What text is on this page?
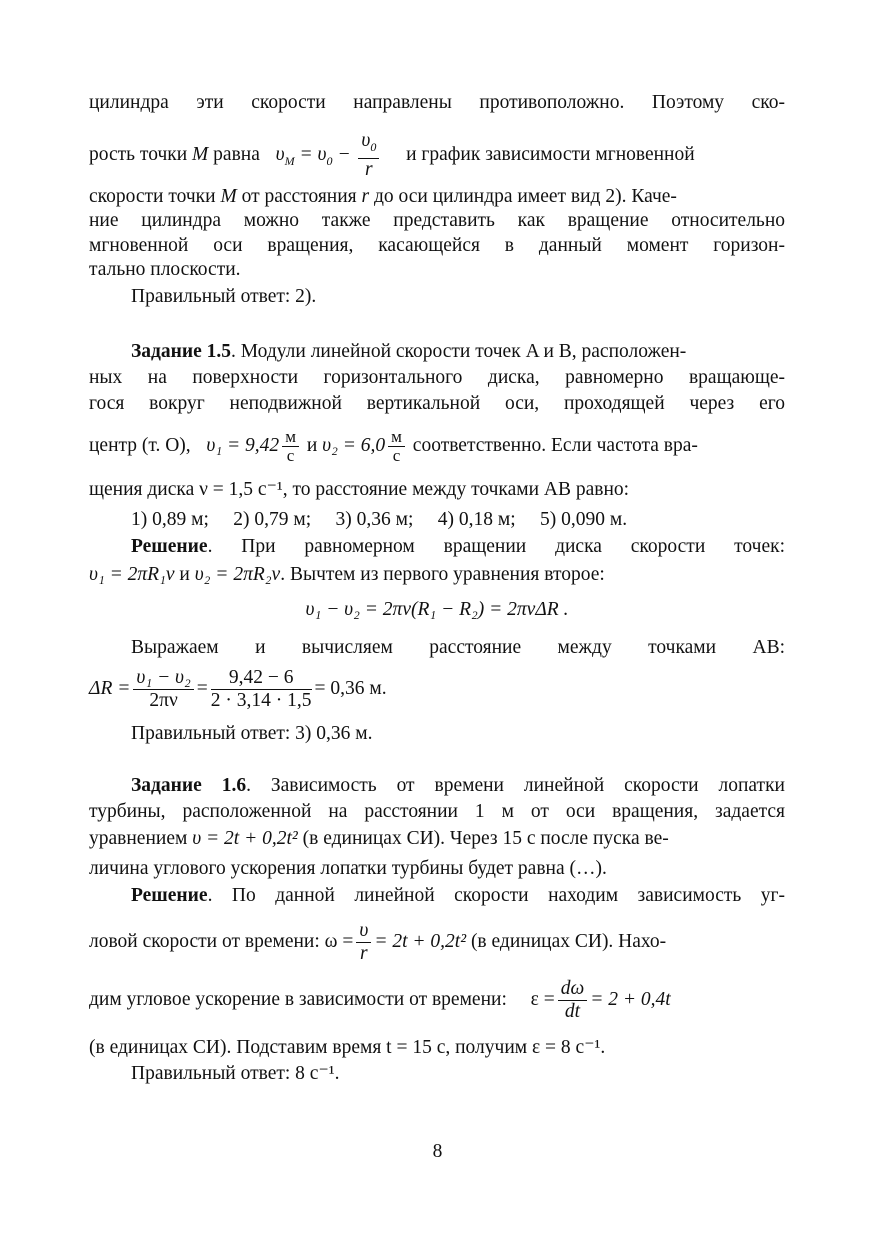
цилиндра эти скорости направлены противоположно. Поэтому ско-
рость точки M равна  $\upsilon_M = \upsilon_0 - \frac{\upsilon_0}{r}$ и график зависимости мгновенной
скорости точки M от расстояния r до оси цилиндра имеет вид 2). Каче-
ние цилиндра можно также представить как вращение относительно
мгновенной оси вращения, касающейся в данный момент горизон-
тально плоскости.
Правильный ответ: 2).
Задание 1.5. Модули линейной скорости точек A и B, расположен-
ных на поверхности горизонтального диска, равномерно вращающе-
гося вокруг неподвижной вертикальной оси, проходящей через его
центр (т. O), $\upsilon_1 = 9,42 \frac{м}{с}$ и $\upsilon_2 = 6,0 \frac{м}{с}$ соответственно. Если частота вра-
щения диска ν = 1,5 с⁻¹, то расстояние между точками AB равно:
1) 0,89 м;     2) 0,79 м;     3) 0,36 м;     4) 0,18 м;     5) 0,090 м.
Решение. При равномерном вращении диска скорости точек:
υ₁ = 2πR₁ν и υ₂ = 2πR₂ν. Вычтем из первого уравнения второе:
υ₁ − υ₂ = 2πν(R₁ − R₂) = 2πνΔR .
Выражаем и вычисляем расстояние между точками AB:
$\Delta R = \frac{\text{υ₁ − υ₂}}{2\pi\nu} = \frac{9,42 - 6}{2 \cdot 3,14 \cdot 1,5} = 0,36$ м.
Правильный ответ: 3) 0,36 м.
Задание 1.6. Зависимость от времени линейной скорости лопатки
турбины, расположенной на расстоянии 1 м от оси вращения, задается
уравнением υ = 2t + 0,2t² (в единицах СИ). Через 15 с после пуска ве-
личина углового ускорения лопатки турбины будет равна (…).
Решение. По данной линейной скорости находим зависимость уг-
ловой скорости от времени: $\omega = \frac{\upsilon}{r} = 2t + 0,2t^2$ (в единицах СИ). Нахо-
дим угловое ускорение в зависимости от времени: $\varepsilon = \frac{d\omega}{dt} = 2 + 0,4t$
(в единицах СИ). Подставим время t = 15 с, получим ε = 8 с⁻¹.
Правильный ответ: 8 с⁻¹.
8
